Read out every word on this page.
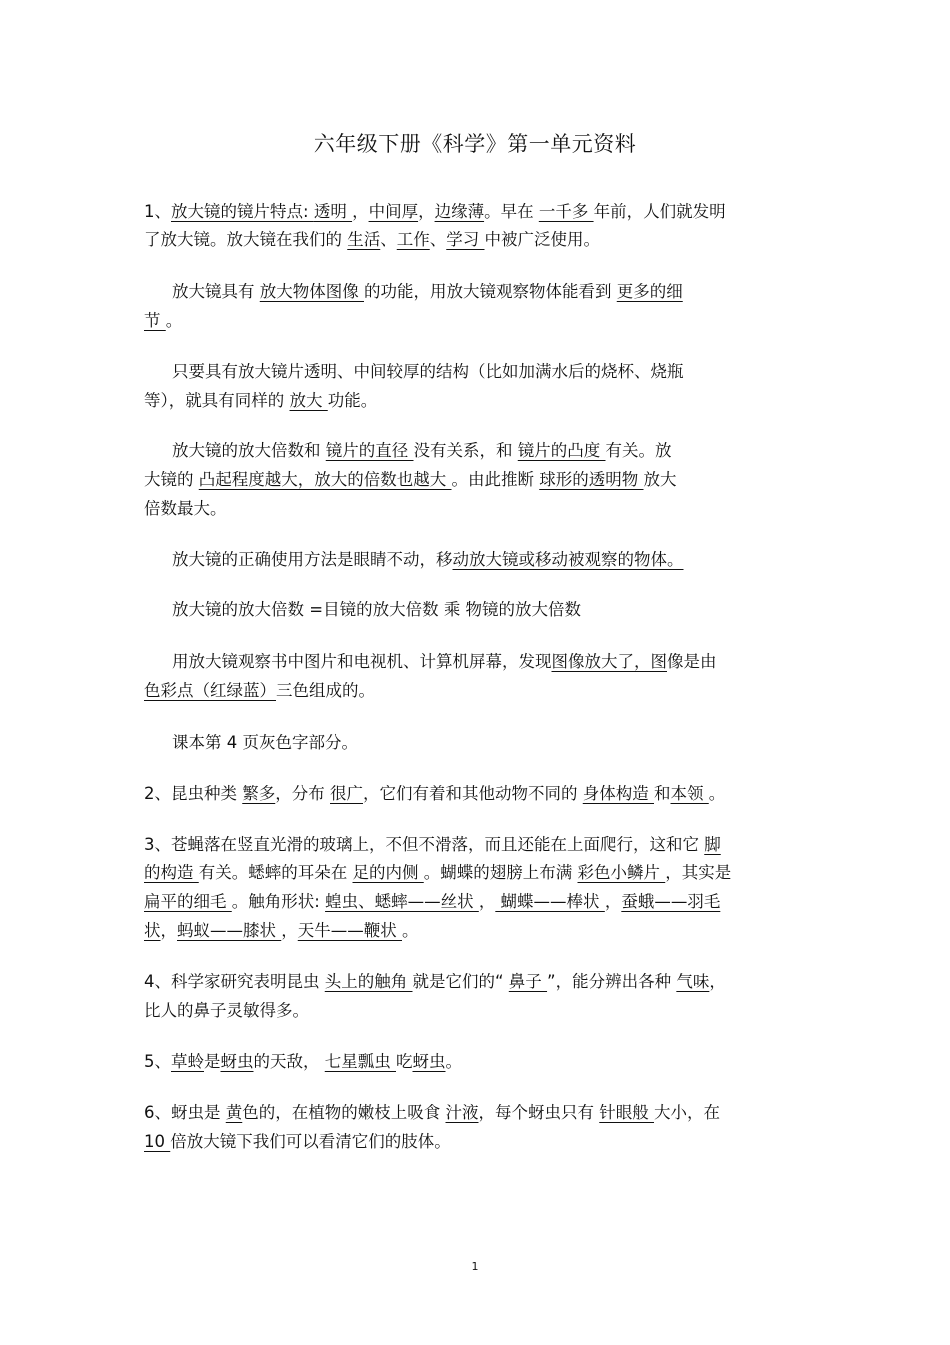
六年级下册《科学》第一单元资料
1、放大镜的镜片特点: 透明 ，中间厚，边缘薄。早在 一千多 年前，人们就发明
了放大镜。放大镜在我们的 生活、工作、学习 中被广泛使用。
放大镜具有 放大物体图像 的功能，用放大镜观察物体能看到 更多的细
节 。
只要具有放大镜片透明、中间较厚的结构（比如加满水后的烧杯、烧瓶
等），就具有同样的 放大 功能。
放大镜的放大倍数和 镜片的直径 没有关系，和 镜片的凸度 有关。放
大镜的 凸起程度越大，放大的倍数也越大 。由此推断 球形的透明物 放大
倍数最大。
放大镜的正确使用方法是眼睛不动，移动放大镜或移动被观察的物体。
放大镜的放大倍数 =目镜的放大倍数 乘 物镜的放大倍数
用放大镜观察书中图片和电视机、计算机屏幕，发现图像放大了，图像是由
色彩点（红绿蓝）三色组成的。
课本第 4 页灰色字部分。
2、昆虫种类 繁多，分布 很广，它们有着和其他动物不同的 身体构造 和本领 。
3、苍蝇落在竖直光滑的玻璃上，不但不滑落，而且还能在上面爬行，这和它 脚
的构造 有关。蟋蟀的耳朵在 足的内侧 。蝴蝶的翅膀上布满 彩色小鳞片 ，其实是
扁平的细毛 。触角形状: 蝗虫、蟋蟀——丝状 ， 蝴蝶——棒状 ，蚕蛾——羽毛
状，蚂蚁——膝状 ，天牛——鞭状 。
4、科学家研究表明昆虫 头上的触角 就是它们的“ 鼻子 ”，能分辨出各种 气味，
比人的鼻子灵敏得多。
5、草蛉是蚜虫的天敌， 七星瓢虫 吃蚜虫。
6、蚜虫是 黄色的，在植物的嫩枝上吸食 汁液，每个蚜虫只有 针眼般 大小，在
10 倍放大镜下我们可以看清它们的肢体。
1
